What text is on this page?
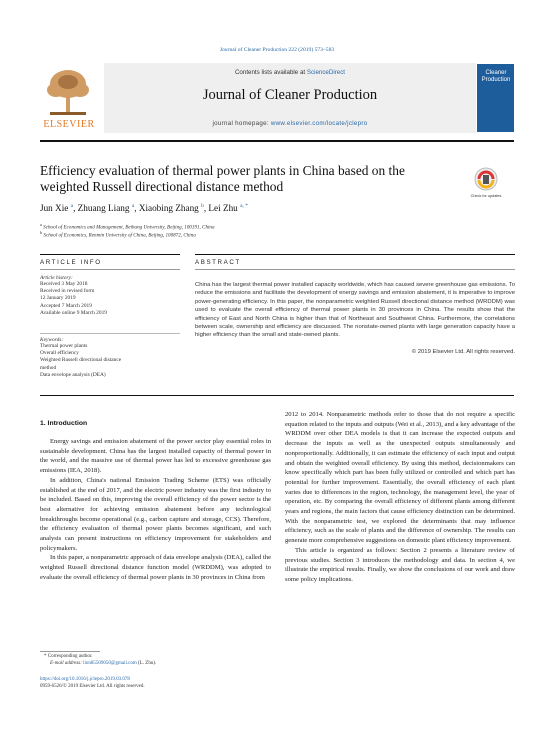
Journal of Cleaner Production 222 (2019) 573–583
ELSEVIER
Contents lists available at ScienceDirect
Journal of Cleaner Production
journal homepage: www.elsevier.com/locate/jclepro
Cleaner Production
Efficiency evaluation of thermal power plants in China based on the
weighted Russell directional distance method
Check for updates
Jun Xie $^a$, Zhuang Liang $^a$, Xiaobing Zhang $^b$, Lei Zhu $^{a, *}$
$^a$ School of Economics and Management, Beihang University, Beijing, 100191, China
$^b$ School of Economics, Renmin University of China, Beijing, 100872, China
ARTICLE INFO
Article history:
Received 3 May 2018
Received in revised form
12 January 2019
Accepted 7 March 2019
Available online 9 March 2019
Keywords:
Thermal power plants
Overall efficiency
Weighted Russell directional distance
method
Data envelope analysis (DEA)
ABSTRACT

China has the largest thermal power installed capacity worldwide, which has caused severe greenhouse gas emissions. To reduce the emissions and facilitate the development of energy savings and emission abatement, it is imperative to improve power-generating efficiency. In this paper, the nonparametric weighted Russell directional distance method (WRDDM) was used to evaluate the overall efficiency of thermal power plants in 30 provinces in China. The results show that the efficiency of East and North China is higher than that of Northeast and Southwest China. Furthermore, the correlations between scale, ownership and efficiency are discussed. The nonstate-owned plants with large generation capacity have a higher efficiency than the small and state-owned plants.

© 2019 Elsevier Ltd. All rights reserved.
1. Introduction

Energy savings and emission abatement of the power sector play essential roles in sustainable development. China has the largest installed capacity of thermal power in the world, and the massive use of thermal power has led to excessive greenhouse gas emissions (IEA, 2018).

In addition, China's national Emission Trading Scheme (ETS) was officially established at the end of 2017, and the electric power industry was the first industry to be included. Based on this, improving the overall efficiency of the power sector is the best alternative for achieving emission abatement before any technological breakthroughs become operational (e.g., carbon capture and storage, CCS). Therefore, the efficiency evaluation of thermal power plants becomes significant, and such analysis can present instructions on efficiency improvement for stakeholders and policymakers.

In this paper, a nonparametric approach of data envelope analysis (DEA), called the weighted Russell directional distance function model (WRDDM), was adopted to evaluate the overall efficiency of thermal power plants in 30 provinces in China from

2012 to 2014. Nonparametric methods refer to those that do not require a specific equation related to the inputs and outputs (Wei et al., 2013), and a key advantage of the WRDDM over other DEA models is that it can increase the expected outputs and decrease the inputs as well as the unexpected outputs simultaneously and nonproportionally. Additionally, it can estimate the efficiency of each input and output and obtain the weighted overall efficiency. By using this method, decisionmakers can know specifically which part has been fully utilized or controlled and which part has potential for further improvement. Essentially, the overall efficiency of each plant varies due to differences in the region, technology, the management level, the year of operation, etc. By comparing the overall efficiency of different plants among different years and regions, the main factors that cause efficiency distinction can be determined. With the nonparametric test, we explored the determinants that may influence efficiency, such as the scale of plants and the difference of ownership. The results can generate more comprehensive suggestions on domestic plant efficiency improvement.

This article is organized as follows: Section 2 presents a literature review of previous studies. Section 3 introduces the methodology and data. In section 4, we illustrate the empirical results. Finally, we show the conclusions of our work and draw some policy implications.

* Corresponding author.
E-mail address: lion85509050@gmail.com (L. Zhu).
https://doi.org/10.1016/j.jclepro.2019.03.078
0959-6526/© 2019 Elsevier Ltd. All rights reserved.
